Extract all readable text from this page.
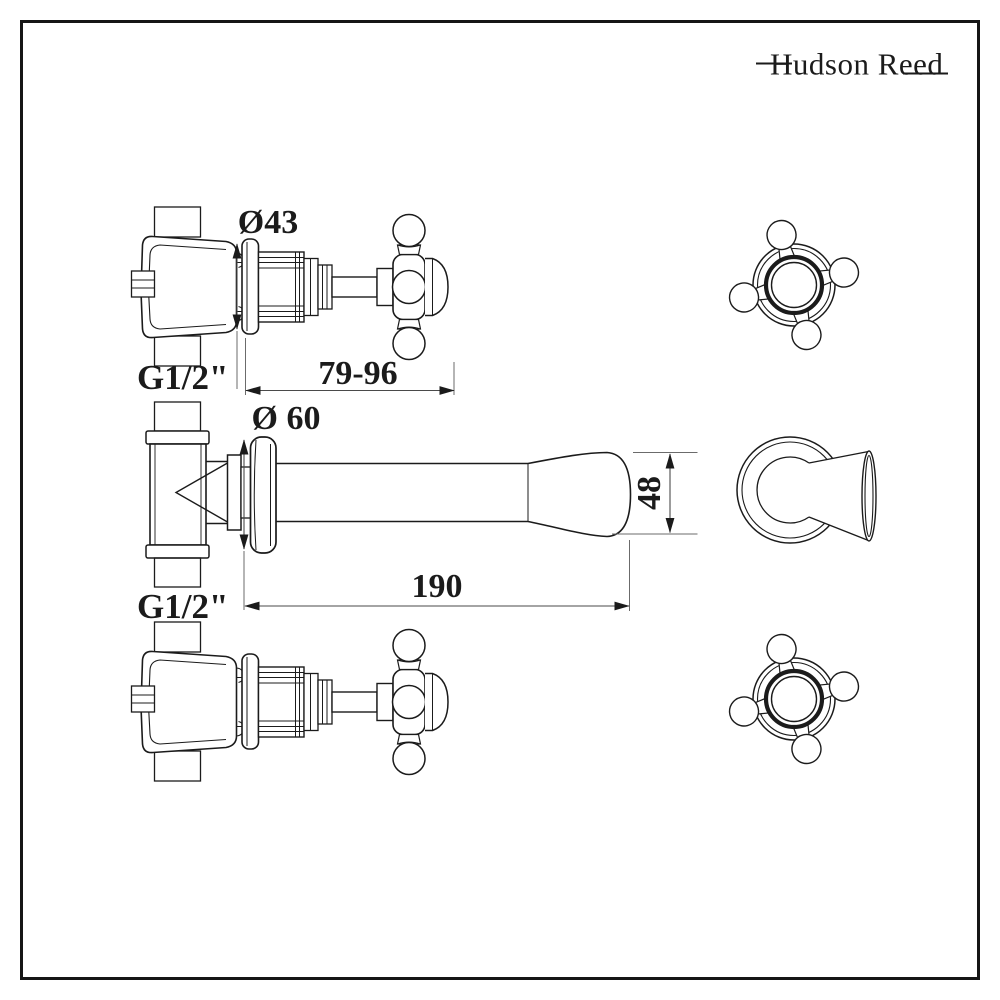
Hudson Reed
Ø43
79-96
G1/2"
Ø 60
190
48
G1/2"
